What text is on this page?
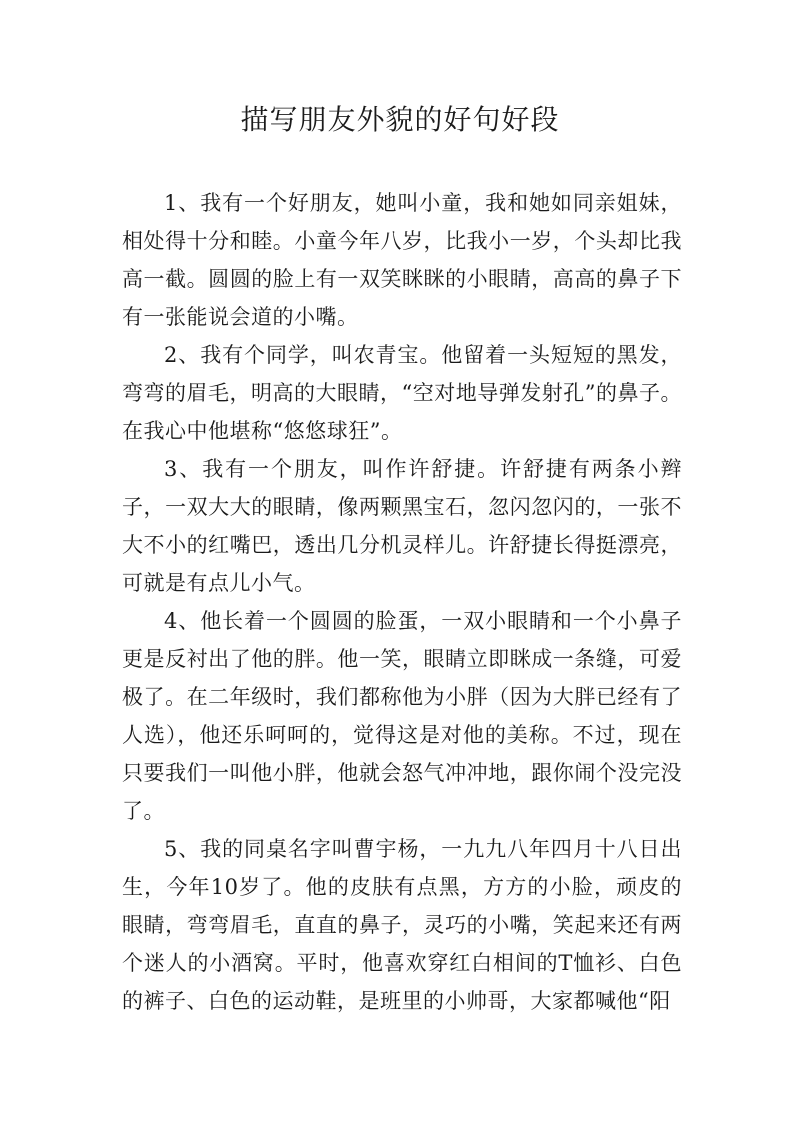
描写朋友外貌的好句好段

1、我有一个好朋友，她叫小童，我和她如同亲姐妹，相处得十分和睦。小童今年八岁，比我小一岁，个头却比我高一截。圆圆的脸上有一双笑眯眯的小眼睛，高高的鼻子下有一张能说会道的小嘴。

2、我有个同学，叫农青宝。他留着一头短短的黑发，弯弯的眉毛，明高的大眼睛，“空对地导弹发射孔”的鼻子。在我心中他堪称“悠悠球狂”。

3、我有一个朋友，叫作许舒捷。许舒捷有两条小辫子，一双大大的眼睛，像两颗黑宝石，忽闪忽闪的，一张不大不小的红嘴巴，透出几分机灵样儿。许舒捷长得挺漂亮，可就是有点儿小气。

4、他长着一个圆圆的脸蛋，一双小眼睛和一个小鼻子更是反衬出了他的胖。他一笑，眼睛立即眯成一条缝，可爱极了。在二年级时，我们都称他为小胖（因为大胖已经有了人选），他还乐呵呵的，觉得这是对他的美称。不过，现在只要我们一叫他小胖，他就会怒气冲冲地，跟你闹个没完没了。

5、我的同桌名字叫曹宇杨，一九九八年四月十八日出生，今年10岁了。他的皮肤有点黑，方方的小脸，顽皮的眼睛，弯弯眉毛，直直的鼻子，灵巧的小嘴，笑起来还有两个迷人的小酒窝。平时，他喜欢穿红白相间的T恤衫、白色的裤子、白色的运动鞋，是班里的小帅哥，大家都喊他“阳
